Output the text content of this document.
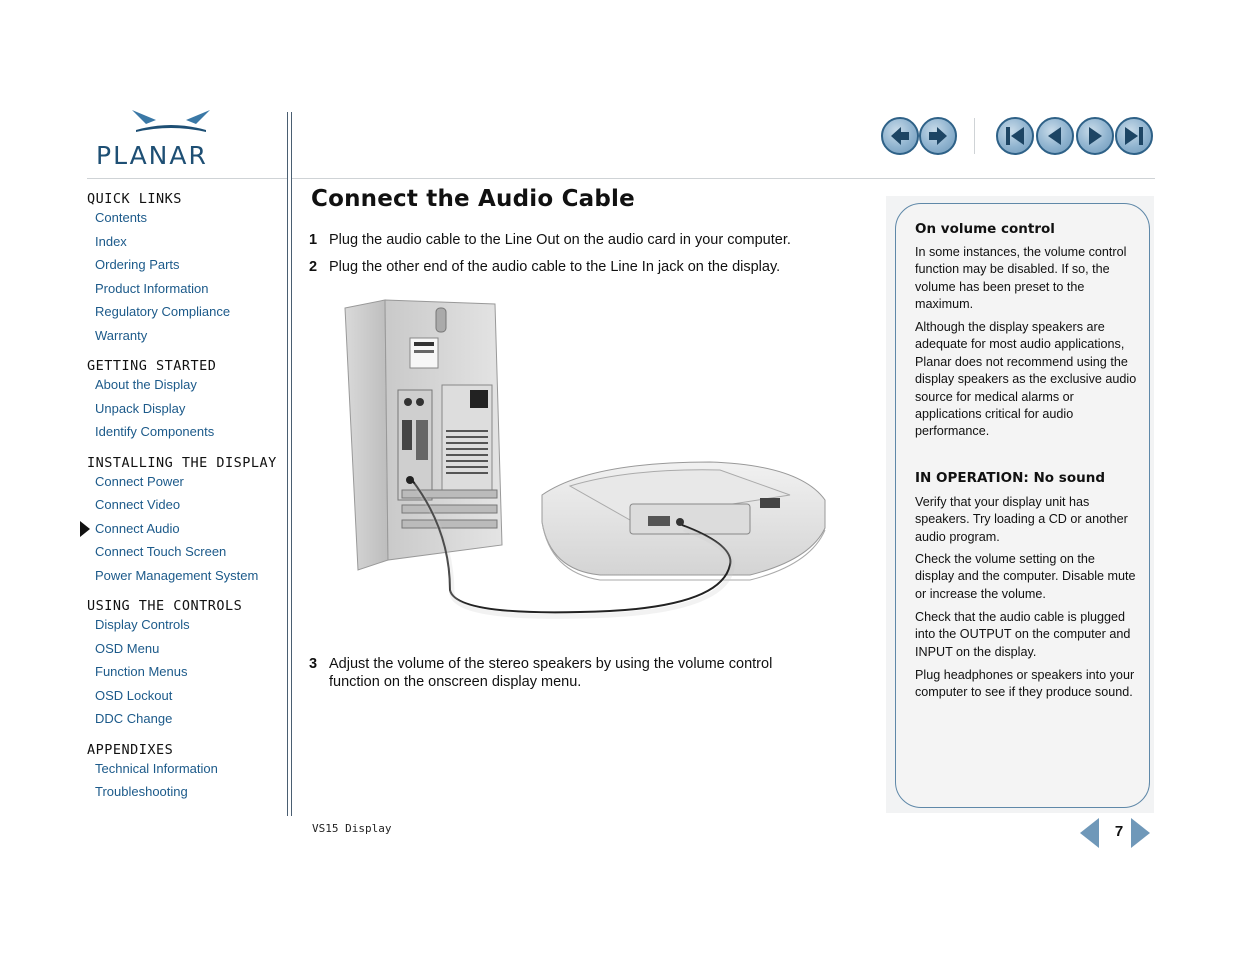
PLANAR
QUICK LINKS
Contents
Index
Ordering Parts
Product Information
Regulatory Compliance
Warranty
GETTING STARTED
About the Display
Unpack Display
Identify Components
INSTALLING THE DISPLAY
Connect Power
Connect Video
Connect Audio
Connect Touch Screen
Power Management System
USING THE CONTROLS
Display Controls
OSD Menu
Function Menus
OSD Lockout
DDC Change
APPENDIXES
Technical Information
Troubleshooting
Connect the Audio Cable
1 Plug the audio cable to the Line Out on the audio card in your computer.
2 Plug the other end of the audio cable to the Line In jack on the display.
3 Adjust the volume of the stereo speakers by using the volume control function on the onscreen display menu.
On volume control
In some instances, the volume control function may be disabled. If so, the volume has been preset to the maximum.
Although the display speakers are adequate for most audio applications, Planar does not recommend using the display speakers as the exclusive audio source for medical alarms or applications critical for audio performance.
IN OPERATION: No sound
Verify that your display unit has speakers. Try loading a CD or another audio program.
Check the volume setting on the display and the computer. Disable mute or increase the volume.
Check that the audio cable is plugged into the OUTPUT on the computer and INPUT on the display.
Plug headphones or speakers into your computer to see if they produce sound.
VS15 Display	7
